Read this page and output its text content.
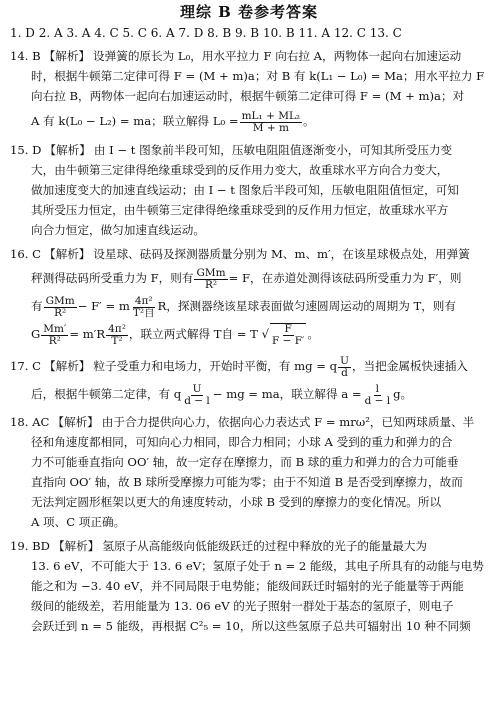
理综 B 卷参考答案
1. D 2. A 3. A 4. C 5. C 6. A 7. D 8. B 9. B 10. B 11. A 12. C 13. C

14. B 【解析】 设弹簧的原长为 L₀，用水平拉力 F 向右拉 A，两物体一起向右加速运动

时，根据牛顿第二定律可得 F = (M + m)a；对 B 有 k(L₁ − L₀) = Ma；用水平拉力 F

向右拉 B，两物体一起向右加速运动时，根据牛顿第二定律可得 F = (M + m)a；对

A 有 k(L₀ − L₂) = ma；联立解得 $L_0 = \frac{\text{mL₁ + ML₂}}{M + m}$ 。

15. D 【解析】 由 I − t 图象前半段可知，压敏电阻阻值逐渐变小，可知其所受压力变

大，由牛顿第三定律得绝缘重球受到的反作用力变大，故重球水平方向合力变大，

做加速度变大的加速直线运动；由 I − t 图象后半段可知，压敏电阻阻值恒定，可知

其所受压力恒定，由牛顿第三定律得绝缘重球受到的反作用力恒定，故重球水平方

向合力恒定，做匀加速直线运动。

16. C 【解析】 设星球、砝码及探测器质量分别为 M、m、m′，在该星球极点处，用弹簧

秤测得砝码所受重力为 F，则有 $\frac{\text{GMm}}{\text{R²}} = F$，在赤道处测得该砝码所受重力为 F′，则

有 $\frac{\text{GMm}}{\text{R²}} - F' = m \frac{\text{4π²}}{\text{T²自}}$ R，探测器绕该星球表面做匀速圆周运动的周期为 T，则有

G $\frac{Mm'}{\text{R²}} = m'R \frac{\text{4π²}}{\text{T²}}$ ，联立两式解得 T自 = T √ $\frac{F}{F - F'}$ 。

17. C 【解析】 粒子受重力和电场力，开始时平衡，有 mg = q $\frac{U}{d}$ ，当把金属板快速插入

后，根据牛顿第二定律，有 q $\frac{U}{d - l}$ − mg = ma，联立解得 $a = \frac{l}{d - l}$ g。

18. AC 【解析】 由于合力提供向心力，依据向心力表达式 F = mrω²，已知两球质量、半

径和角速度都相同，可知向心力相同，即合力相同；小球 A 受到的重力和弹力的合

力不可能垂直指向 OO′ 轴，故一定存在摩擦力，而 B 球的重力和弹力的合力可能垂

直指向 OO′ 轴，故 B 球所受摩擦力可能为零；由于不知道 B 是否受到摩擦力，故而

无法判定圆形框架以更大的角速度转动，小球 B 受到的摩擦力的变化情况。所以

A 项、C 项正确。

19. BD 【解析】 氢原子从高能级向低能级跃迁的过程中释放的光子的能量最大为

13. 6 eV，不可能大于 13. 6 eV；氢原子处于 n = 2 能级，其电子所具有的动能与电势

能之和为 −3. 40 eV，并不同局限于电势能；能级间跃迁时辐射的光子能量等于两能

级间的能级差，若用能量为 13. 06 eV 的光子照射一群处于基态的氢原子，则电子

会跃迁到 n = 5 能级，再根据 C²₅ = 10，所以这些氢原子总共可辐射出 10 种不同频
